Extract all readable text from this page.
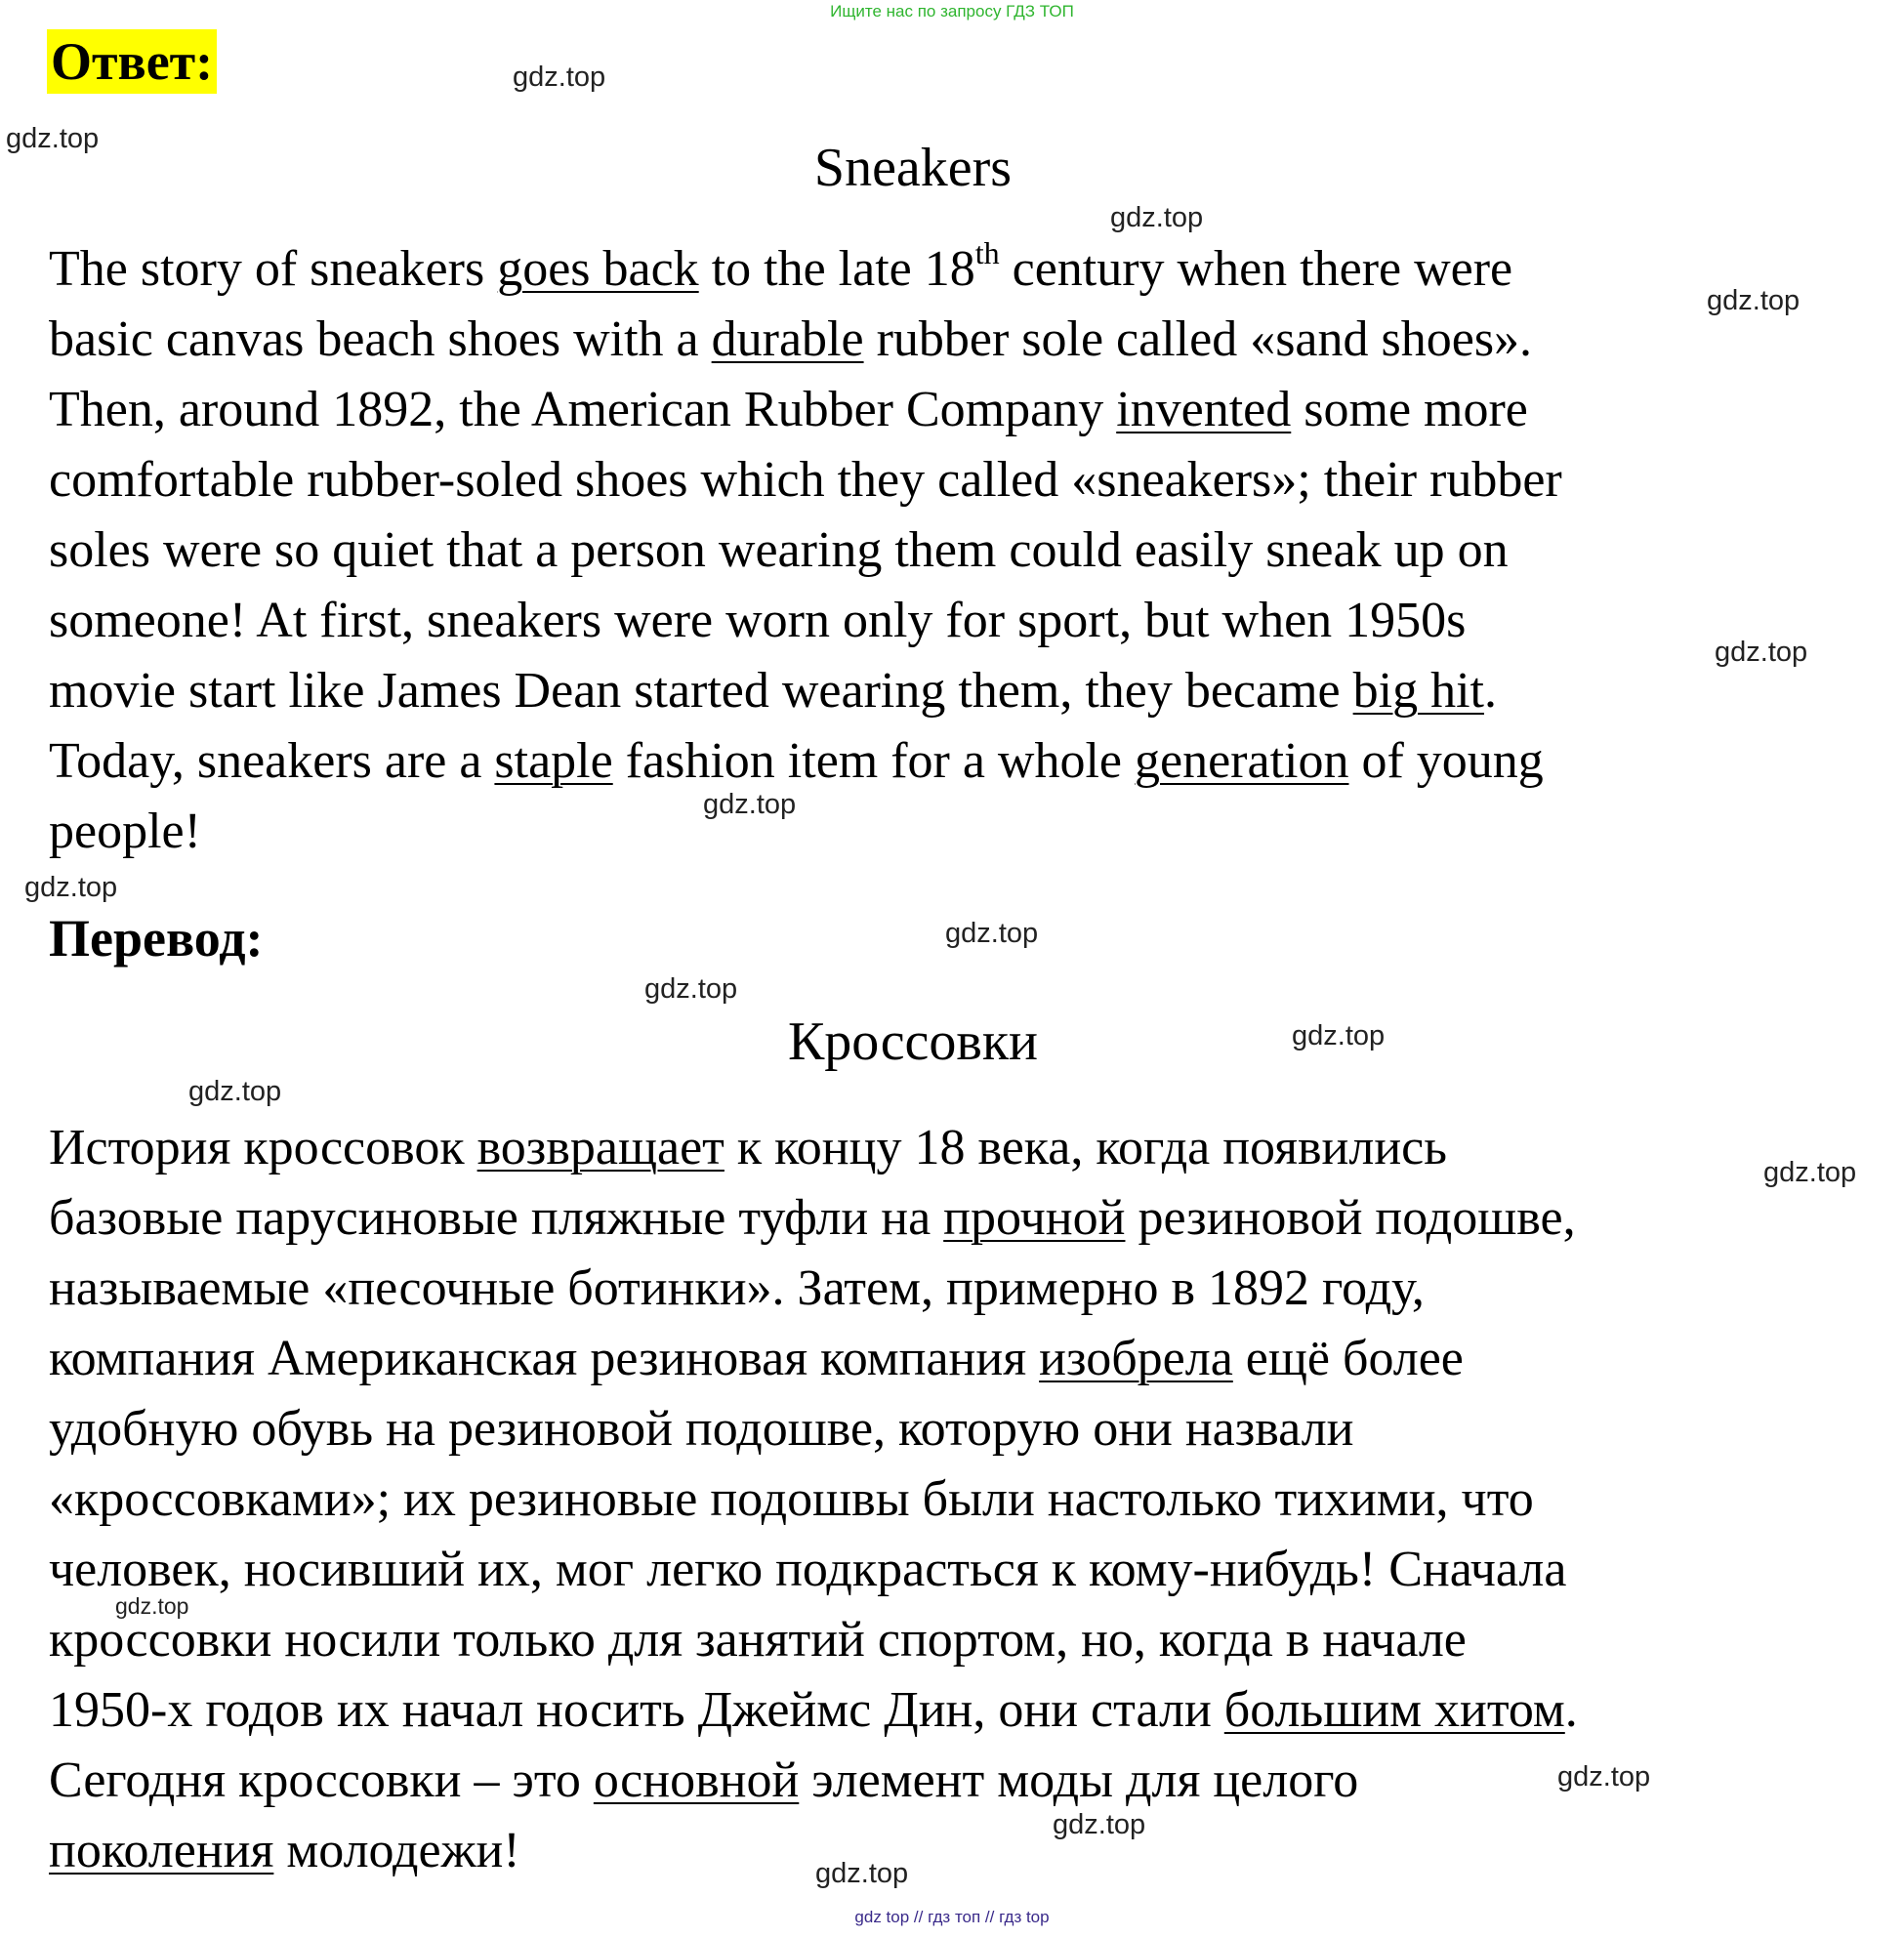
Ищите нас по запросу ГДЗ ТОП
Ответ:
Sneakers

The story of sneakers goes back to the late 18th century when there were
basic canvas beach shoes with a durable rubber sole called «sand shoes».
Then, around 1892, the American Rubber Company invented some more
comfortable rubber-soled shoes which they called «sneakers»; their rubber
soles were so quiet that a person wearing them could easily sneak up on
someone! At first, sneakers were worn only for sport, but when 1950s
movie start like James Dean started wearing them, they became big hit.
Today, sneakers are a staple fashion item for a whole generation of young
people!

Перевод:
Кроссовки

История кроссовок возвращает к концу 18 века, когда появились
базовые парусиновые пляжные туфли на прочной резиновой подошве,
называемые «песочные ботинки». Затем, примерно в 1892 году,
компания Американская резиновая компания изобрела ещё более
удобную обувь на резиновой подошве, которую они назвали
«кроссовками»; их резиновые подошвы были настолько тихими, что
человек, носивший их, мог легко подкрасться к кому-нибудь! Сначала
кроссовки носили только для занятий спортом, но, когда в начале
1950-х годов их начал носить Джеймс Дин, они стали большим хитом.
Сегодня кроссовки – это основной элемент моды для целого
поколения молодежи!

gdz.top
gdz.top
gdz.top
gdz.top
gdz.top
gdz.top
gdz.top
gdz.top
gdz.top
gdz.top
gdz.top
gdz.top
gdz.top
gdz.top
gdz.top
gdz.top
gdz top // гдз топ // гдз top
